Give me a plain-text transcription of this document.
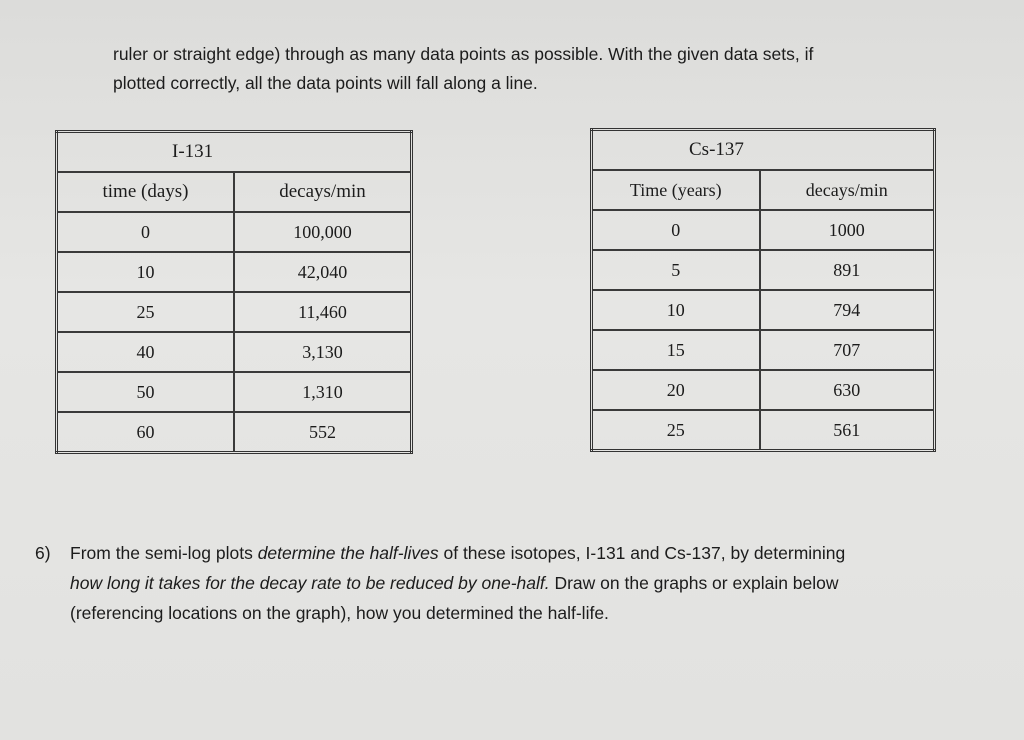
ruler or straight edge) through as many data points as possible. With the given data sets, if

plotted correctly, all the data points will fall along a line.

I-131	
time (days)	decays/min
0	100,000
10	42,040
25	11,460
40	3,130
50	1,310
60	552
Cs-137	
Time (years)	decays/min
0	1000
5	891
10	794
15	707
20	630
25	561
6) From the semi-log plots determine the half-lives of these isotopes, I-131 and Cs-137, by determining
how long it takes for the decay rate to be reduced by one-half. Draw on the graphs or explain below
(referencing locations on the graph), how you determined the half-life.
